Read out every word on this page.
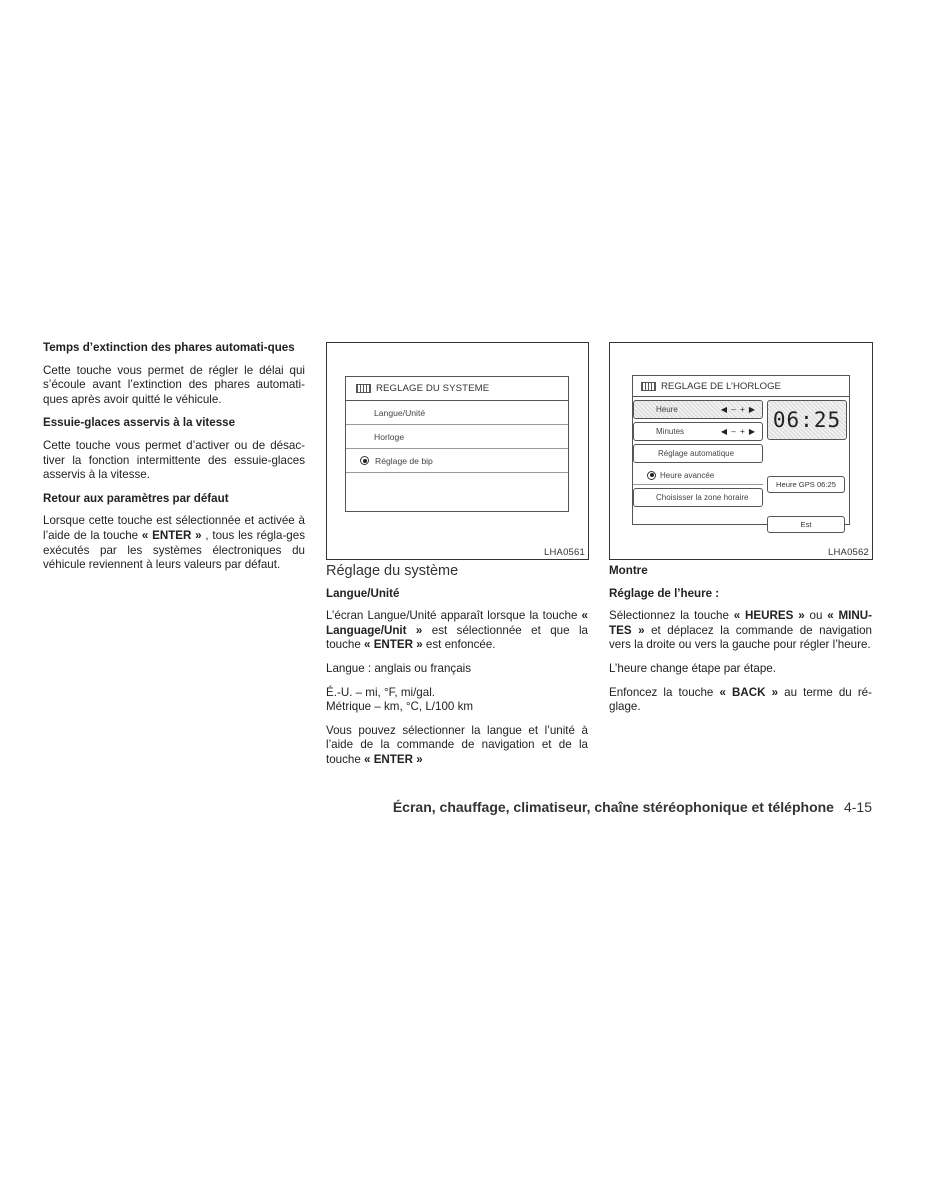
Temps d’extinction des phares automati-ques

Cette touche vous permet de régler le délai qui s’écoule avant l’extinction des phares automati-ques après avoir quitté le véhicule.

Essuie-glaces asservis à la vitesse

Cette touche vous permet d’activer ou de désac-tiver la fonction intermittente des essuie-glaces asservis à la vitesse.

Retour aux paramètres par défaut

Lorsque cette touche est sélectionnée et activée à l’aide de la touche « ENTER » , tous les régla-ges exécutés par les systèmes électroniques du véhicule reviennent à leurs valeurs par défaut.

REGLAGE DU SYSTEME
Langue/Unité
Horloge
Réglage de bip
LHA0561
REGLAGE DE L’HORLOGE
Heure	◀ – + ▶
Minutes	◀ – + ▶
Réglage automatique
Heure avancée
Choisisser la zone horaire
06:25
Heure GPS 06:25
Est
LHA0562
Réglage du système
Langue/Unité

L’écran Langue/Unité apparaît lorsque la touche « Language/Unit » est sélectionnée et que la touche « ENTER » est enfoncée.

Langue : anglais ou français

É.-U. – mi, °F, mi/gal.
Métrique – km, °C, L/100 km

Vous pouvez sélectionner la langue et l’unité à l’aide de la commande de navigation et de la touche « ENTER »

Montre
Réglage de l’heure :

Sélectionnez la touche « HEURES » ou « MINU-TES » et déplacez la commande de navigation vers la droite ou vers la gauche pour régler l’heure.

L’heure change étape par étape.

Enfoncez la touche « BACK » au terme du ré-glage.

Écran, chauffage, climatiseur, chaîne stéréophonique et téléphone 4-15
